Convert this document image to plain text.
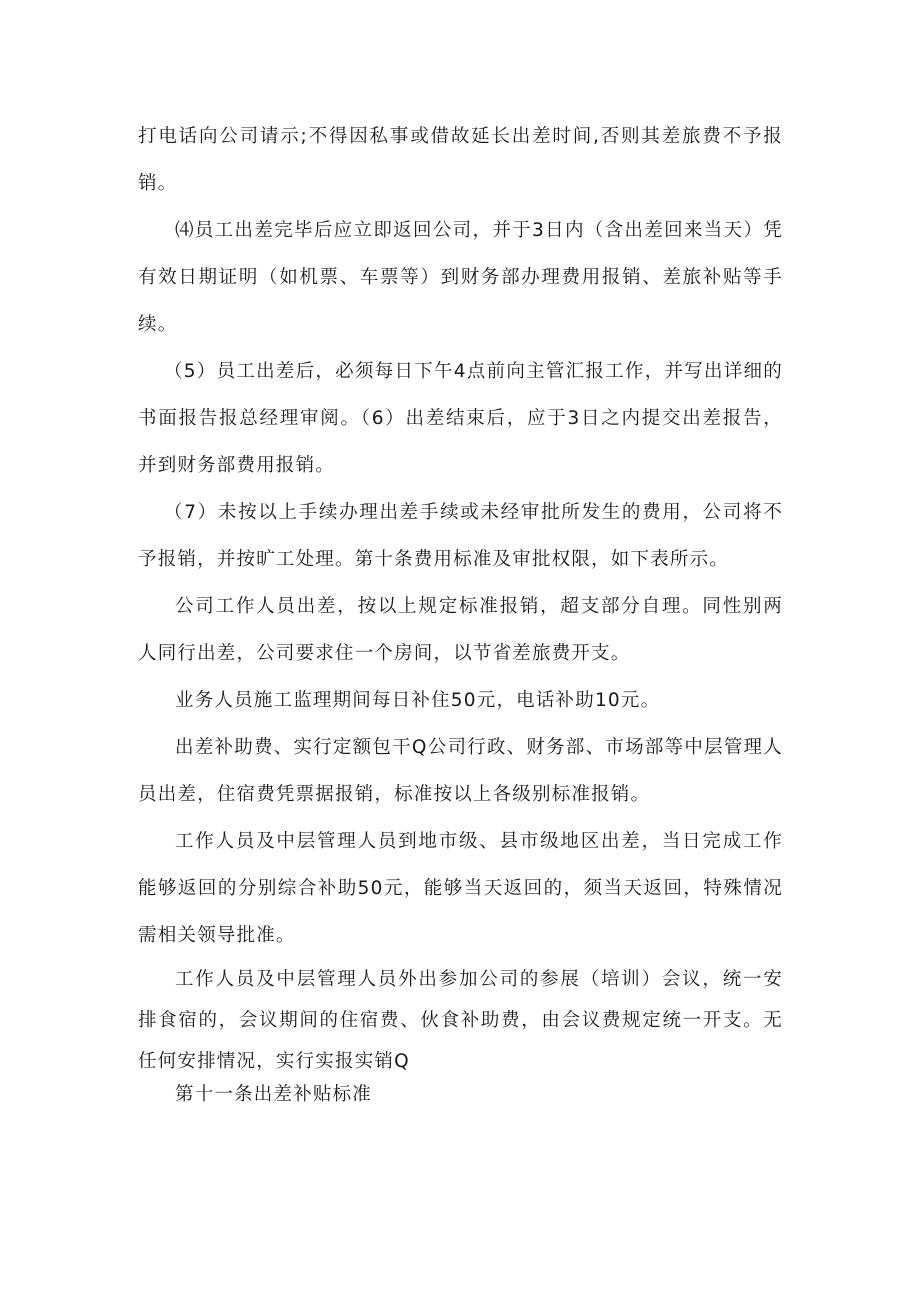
打电话向公司请示;不得因私事或借故延长出差时间,否则其差旅费不予报销。

⑷员工出差完毕后应立即返回公司，并于3日内（含出差回来当天）凭有效日期证明（如机票、车票等）到财务部办理费用报销、差旅补贴等手续。

（5）员工出差后，必须每日下午4点前向主管汇报工作，并写出详细的书面报告报总经理审阅。（6）出差结束后，应于3日之内提交出差报告，并到财务部费用报销。

（7）未按以上手续办理出差手续或未经审批所发生的费用，公司将不予报销，并按旷工处理。第十条费用标准及审批权限，如下表所示。

公司工作人员出差，按以上规定标准报销，超支部分自理。同性别两人同行出差，公司要求住一个房间，以节省差旅费开支。

业务人员施工监理期间每日补住50元，电话补助10元。

出差补助费、实行定额包干Q公司行政、财务部、市场部等中层管理人员出差，住宿费凭票据报销，标准按以上各级别标准报销。

工作人员及中层管理人员到地市级、县市级地区出差，当日完成工作能够返回的分别综合补助50元，能够当天返回的，须当天返回，特殊情况需相关领导批准。

工作人员及中层管理人员外出参加公司的参展（培训）会议，统一安排食宿的，会议期间的住宿费、伙食补助费，由会议费规定统一开支。无任何安排情况，实行实报实销Q

第十一条出差补贴标准
